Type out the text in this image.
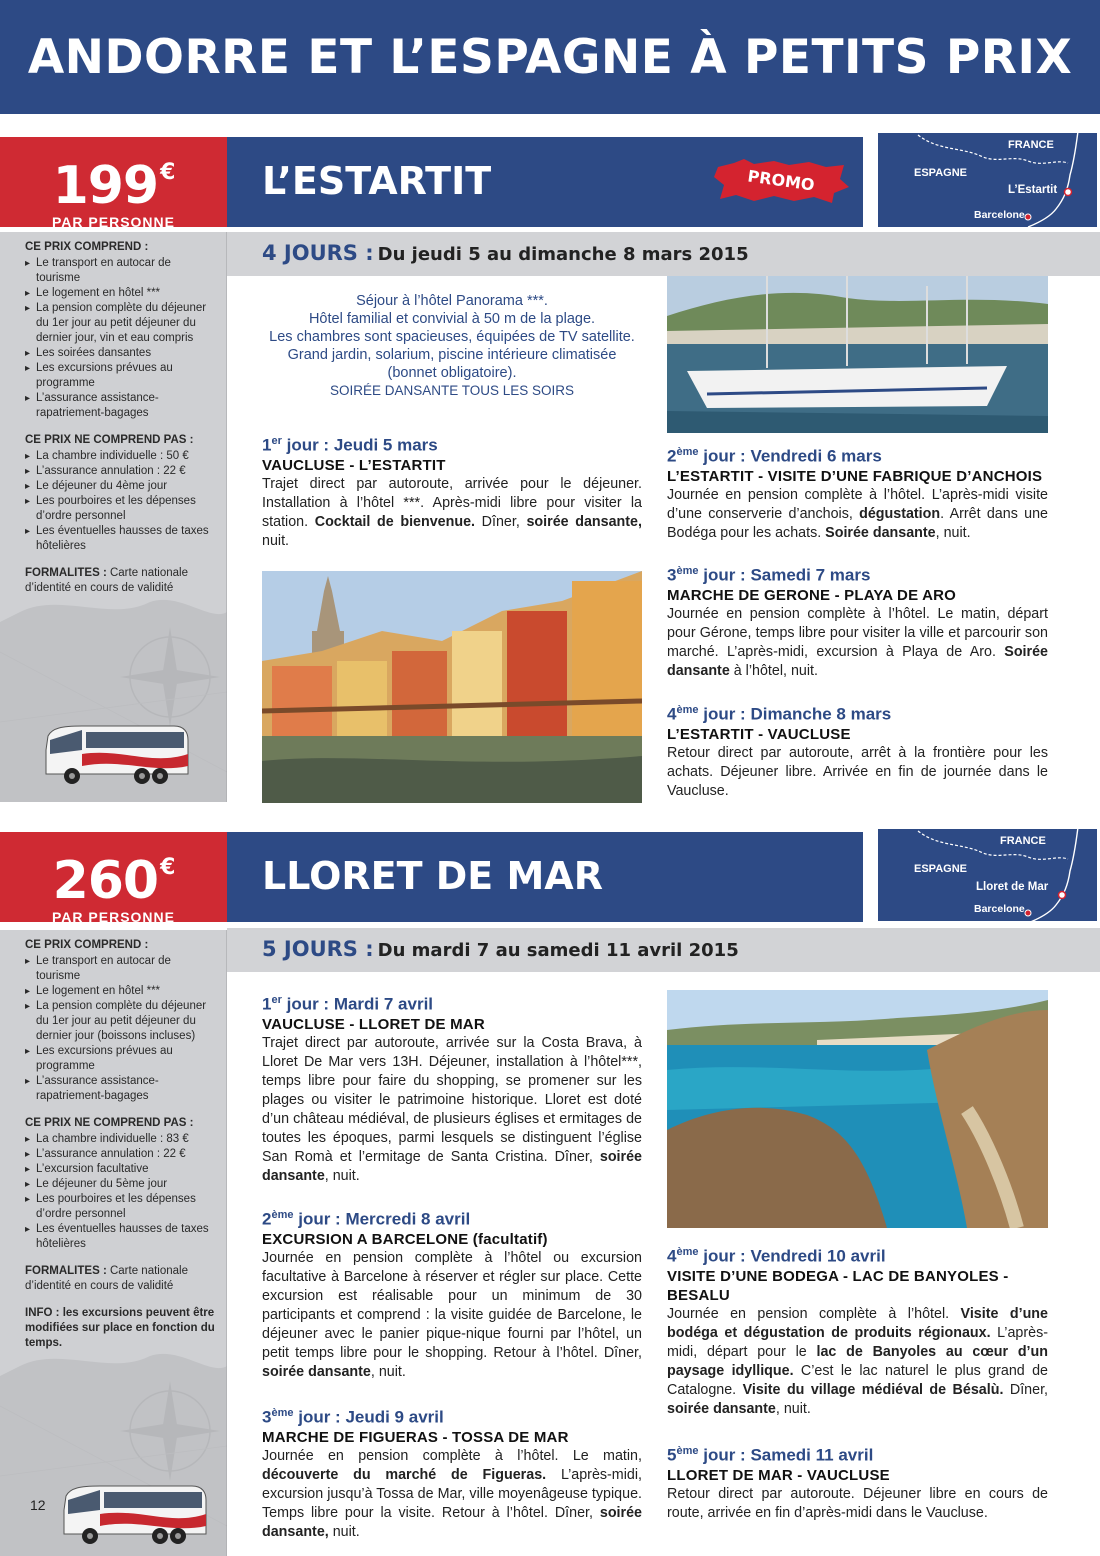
ANDORRE ET L’ESPAGNE À PETITS PRIX
199€
PAR PERSONNE
L’ESTARTIT	PROMO
FRANCE
ESPAGNE
L’Estartit
Barcelone
4 JOURS : Du jeudi 5 au dimanche 8 mars 2015
CE PRIX COMPREND :
▸ Le transport en autocar de tourisme
▸ Le logement en hôtel ***
▸ La pension complète du déjeuner du 1er jour au petit déjeuner du dernier jour, vin et eau compris
▸ Les soirées dansantes
▸ Les excursions prévues au programme
▸ L’assurance assistance-rapatriement-bagages
CE PRIX NE COMPREND PAS :
▸ La chambre individuelle : 50 €
▸ L’assurance annulation : 22 €
▸ Le déjeuner du 4ème jour
▸ Les pourboires et les dépenses d’ordre personnel
▸ Les éventuelles hausses de taxes hôtelières
FORMALITES : Carte nationale d’identité en cours de validité
Séjour à l’hôtel Panorama ***.
Hôtel familial et convivial à 50 m de la plage.
Les chambres sont spacieuses, équipées de TV satellite.
Grand jardin, solarium, piscine intérieure climatisée
(bonnet obligatoire).
SOIRÉE DANSANTE TOUS LES SOIRS
1er jour : Jeudi 5 mars
VAUCLUSE - L’ESTARTIT
Trajet direct par autoroute, arrivée pour le déjeuner. Installation à l’hôtel ***. Après-midi libre pour visiter la station. Cocktail de bienvenue. Dîner, soirée dansante, nuit.
2ème jour : Vendredi 6 mars
L’ESTARTIT - VISITE D’UNE FABRIQUE D’ANCHOIS
Journée en pension complète à l’hôtel. L’après-midi visite d’une conserverie d’anchois, dégustation. Arrêt dans une Bodéga pour les achats. Soirée dansante, nuit.
3ème jour : Samedi 7 mars
MARCHE DE GERONE - PLAYA DE ARO
Journée en pension complète à l’hôtel. Le matin, départ pour Gérone, temps libre pour visiter la ville et parcourir son marché. L’après-midi, excursion à Playa de Aro. Soirée dansante à l’hôtel, nuit.
4ème jour : Dimanche 8 mars
L’ESTARTIT - VAUCLUSE
Retour direct par autoroute, arrêt à la frontière pour les achats. Déjeuner libre. Arrivée en fin de journée dans le Vaucluse.
260€
PAR PERSONNE
LLORET DE MAR
FRANCE
ESPAGNE
Lloret de Mar
Barcelone
5 JOURS : Du mardi 7 au samedi 11 avril 2015
CE PRIX COMPREND :
▸ Le transport en autocar de tourisme
▸ Le logement en hôtel ***
▸ La pension complète du déjeuner du 1er jour au petit déjeuner du dernier jour (boissons incluses)
▸ Les excursions prévues au programme
▸ L’assurance assistance-rapatriement-bagages
CE PRIX NE COMPREND PAS :
▸ La chambre individuelle : 83 €
▸ L’assurance annulation : 22 €
▸ L’excursion facultative
▸ Le déjeuner du 5ème jour
▸ Les pourboires et les dépenses d’ordre personnel
▸ Les éventuelles hausses de taxes hôtelières
FORMALITES : Carte nationale d’identité en cours de validité
INFO : les excursions peuvent être modifiées sur place en fonction du temps.
12
1er jour : Mardi 7 avril
VAUCLUSE - LLORET DE MAR
Trajet direct par autoroute, arrivée sur la Costa Brava, à Lloret De Mar vers 13H. Déjeuner, installation à l’hôtel***, temps libre pour faire du shopping, se promener sur les plages ou visiter le patrimoine historique. Lloret est doté d’un château médiéval, de plusieurs églises et ermitages de toutes les époques, parmi lesquels se distinguent l’église San Romà et l’ermitage de Santa Cristina. Dîner, soirée dansante, nuit.
2ème jour : Mercredi 8 avril
EXCURSION A BARCELONE (facultatif)
Journée en pension complète à l’hôtel ou excursion facultative à Barcelone à réserver et régler sur place. Cette excursion est réalisable pour un minimum de 30 participants et comprend : la visite guidée de Barcelone, le déjeuner avec le panier pique-nique fourni par l’hôtel, un petit temps libre pour le shopping. Retour à l’hôtel. Dîner, soirée dansante, nuit.
3ème jour : Jeudi 9 avril
MARCHE DE FIGUERAS - TOSSA DE MAR
Journée en pension complète à l’hôtel. Le matin, découverte du marché de Figueras. L’après-midi, excursion jusqu’à Tossa de Mar, ville moyenâgeuse typique. Temps libre pour la visite. Retour à l’hôtel. Dîner, soirée dansante, nuit.
4ème jour : Vendredi 10 avril
VISITE D’UNE BODEGA - LAC DE BANYOLES - BESALU
Journée en pension complète à l’hôtel. Visite d’une bodéga et dégustation de produits régionaux. L’après-midi, départ pour le lac de Banyoles au cœur d’un paysage idyllique. C’est le lac naturel le plus grand de Catalogne. Visite du village médiéval de Bésalù. Dîner, soirée dansante, nuit.
5ème jour : Samedi 11 avril
LLORET DE MAR - VAUCLUSE
Retour direct par autoroute. Déjeuner libre en cours de route, arrivée en fin d’après-midi dans le Vaucluse.
